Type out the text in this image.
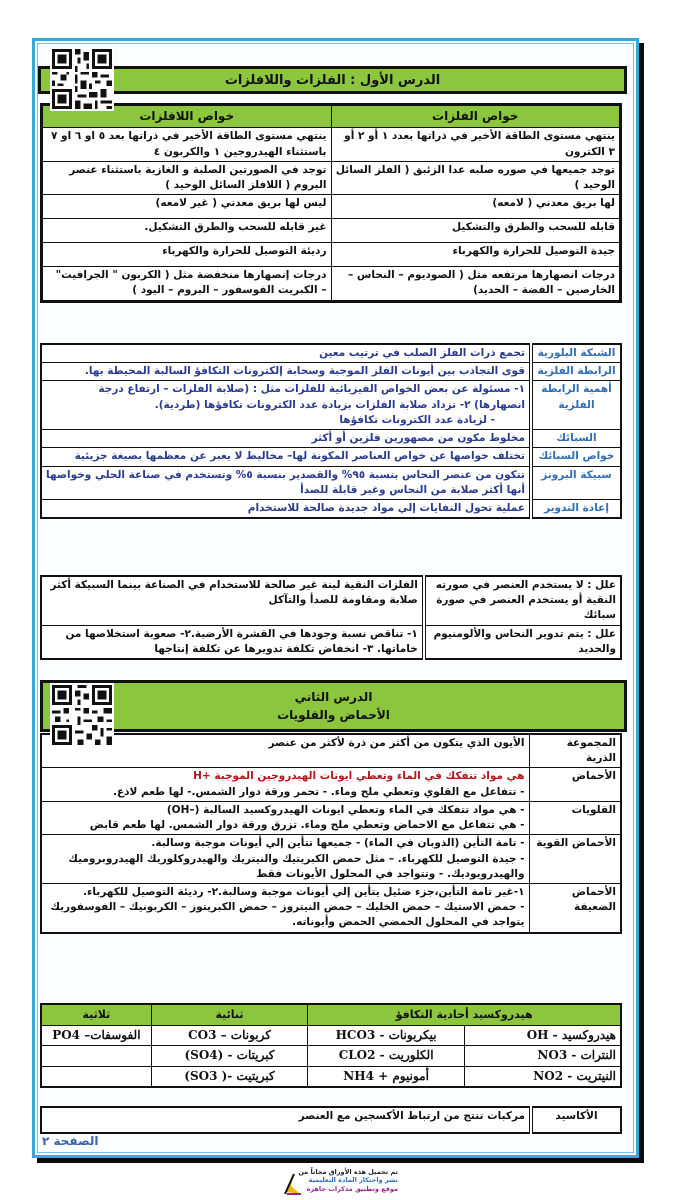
الدرس الأول : الفلزات واللافلزات
خواص الفلزات	خواص اللافلزات
ينتهي مستوى الطاقة الأخير في ذراتها بعدد ١ أو ٢ أو ٣ الكترون	ينتهي مستوى الطاقة الأخير في ذراتها بعد ٥ او ٦ او ٧ باستثناء الهيدروجين ١ والكربون ٤
توجد جميعها في صوره صلبه عدا الزئبق ( الفلز السائل الوحيد )	توجد في الصورتين الصلبة و الغازية باستثناء عنصر البروم ( اللافلز السائل الوحيد )
لها بريق معدني ( لامعه)	ليس لها بريق معدني ( غير لامعه)
قابله للسحب والطرق والتشكيل	غير قابله للسحب والطرق التشكيل.
جيدة التوصيل للحرارة والكهرباء	رديئة التوصيل للحرارة والكهرباء
درجات انصهارها مرتفعه مثل ( الصوديوم – النحاس – الخارصين – الفضة – الحديد)	درجات إنصهارها منخفضة مثل ( الكربون " الجرافيت" – الكبريت الفوسفور – البروم – اليود )
الشبكة البلورية	تجمع ذرات الفلز الصلب في ترتيب معين
الرابطة الفلزية	قوى التجاذب بين أيونات الفلز الموجبة وسحابة إلكترونات التكافؤ السالبة المحيطة بها.
أهمية الرابطة الفلزية	١- مسئولة عن بعض الخواص الفيزيائية للفلزات مثل : (صلابة الفلزات – ارتفاع درجة انصهارها) ٢- تزداد صلابة الفلزات بزيادة عدد الكترونات تكافؤها (طردية).
- لزيادة عدد الكترونات تكافؤها

السبائك	مخلوط مكون من مصهورين فلزين أو أكثر
خواص السبائك	تختلف خواصها عن خواص العناصر المكونة لها– مخاليط لا يعبر عن معظمها بصيغة جزيئية
سبيكة البرونز	تتكون من عنصر النحاس بنسبة ٩٥% والقصدير بنسبة ٥% وتستخدم في صناعة الحلي وخواصها أنها أكثر صلابة من النحاس وغير قابلة للصدأ
إعادة التدوير	عملية تحول النفايات إلي مواد جديدة صالحة للاستخدام
علل : لا يستخدم العنصر في صورته النقية أو يستخدم العنصر في صورة سبائك	الفلزات النقية لينة غير صالحة للاستخدام في الصناعة بينما السبيكة أكثر صلابة ومقاومة للصدأ والتآكل
علل : يتم تدوير النحاس والألومنيوم والحديد	١- تناقص نسبة وجودها في القشرة الأرضية.٢- صعوبة استخلاصها من خاماتها. ٣- انخفاض تكلفة تدويرها عن تكلفة إنتاجها
الدرس الثاني
الأحماض والقلويات
المجموعة الذرية	الأيون الذي يتكون من أكثر من ذرة لأكثر من عنصر

الأحماض	هي مواد تتفكك في الماء وتعطي ايونات الهيدروجين الموجبة +H
- تتفاعل مع القلوي وتعطي ملح وماء. - تحمر ورقة دوار الشمس.- لها طعم لاذع.

القلويات	- هي مواد تتفكك في الماء وتعطي ايونات الهيدروكسيد السالبة (–OH)
- هي تتفاعل مع الاحماض وتعطي ملح وماء. تزرق ورقة دوار الشمس. لها طعم قابض

الأحماض القوية	- تامة التأين (الذوبان في الماء) - جميعها تتأين إلي أيونات موجبة وسالبة.
- جيدة التوصيل للكهرباء. – مثل حمض الكبريتيك والنيتريك والهيدروكلوريك الهيدروبروميك والهيدرويوديك. - وتتواجد في المحلول الأيونات فقط

الأحماض الضعيفة	١-غير تامة التأين،جزء ضئيل يتأين إلي أيونات موجبة وسالبة.٢- رديئة التوصيل للكهرباء.
- حمض الاستيك – حمض الخليك – حمض النيتروز – حمض الكبريتوز – الكربونيك – الفوسفوريك يتواجد في المحلول الحمضي الحمض وأيوناته.
هيدروكسيد أحادية التكافؤ		ثنائية	ثلاثية
هيدروكسيد - OH	بيكربونات - HCO3	كربونات – CO3	الفوسفات– PO4
النترات - NO3	الكلوريت - CLO2	كبريتات - (SO4)	
النيتريت - NO2	أمونيوم + NH4	كبريتيت -( SO3)	
الأكاسيد	مركبات تنتج من ارتباط الأكسجين مع العنصر
الصفحة ٢
تم تحميل هذه الأوراق مجاناً من
نشر واحتكار المادة التعليمية
موقع وتطبيق مذكرات جاهزة
